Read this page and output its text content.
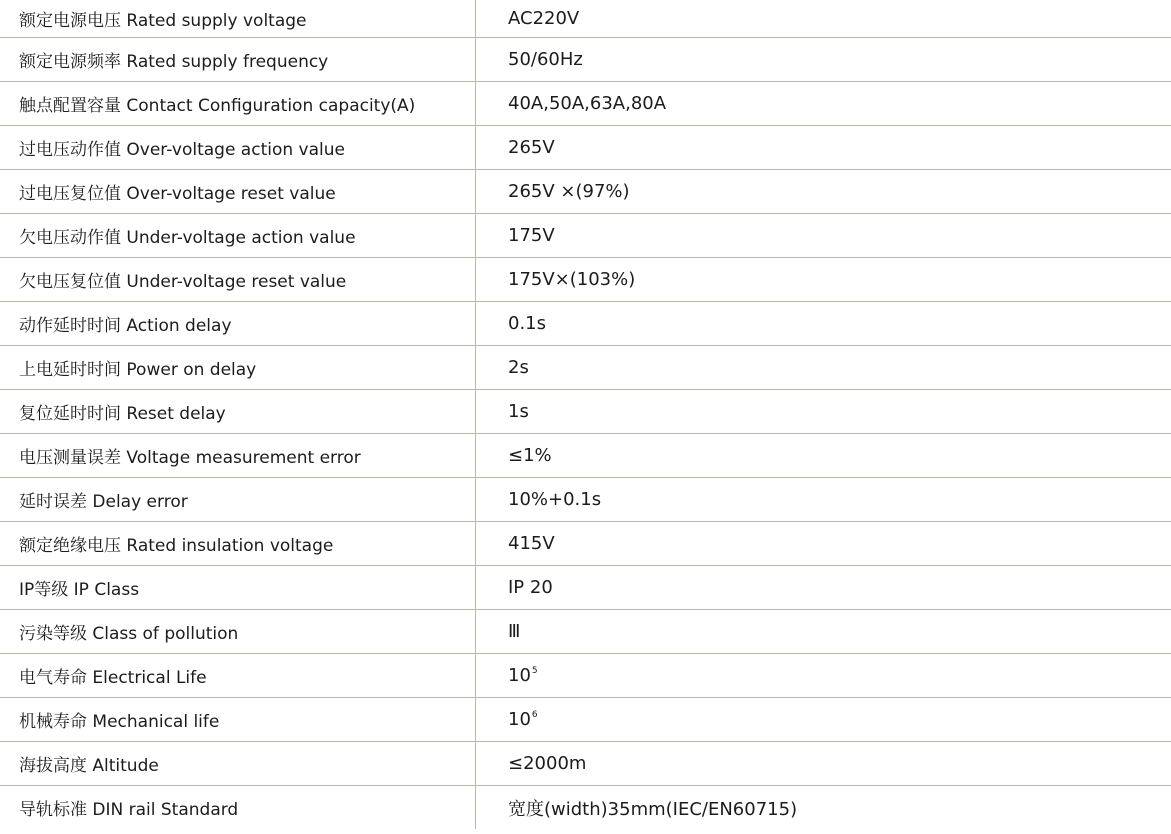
额定电源电压 Rated supply voltage	AC220V
额定电源频率 Rated supply frequency	50/60Hz
触点配置容量 Contact Configuration capacity(A)	40A,50A,63A,80A
过电压动作值 Over-voltage action value	265V
过电压复位值 Over-voltage reset value	265V ×(97%)
欠电压动作值 Under-voltage action value	175V
欠电压复位值 Under-voltage reset value	175V×(103%)
动作延时时间 Action delay	0.1s
上电延时时间 Power on delay	2s
复位延时时间 Reset delay	1s
电压测量误差 Voltage measurement error	≤1%
延时误差 Delay error	10%+0.1s
额定绝缘电压 Rated insulation voltage	415V
IP等级 IP Class	IP 20
污染等级 Class of pollution	Ⅲ
电气寿命 Electrical Life	$10^5$
机械寿命 Mechanical life	$10^6$
海拔高度 Altitude	≤2000m
导轨标准 DIN rail Standard	宽度(width)35mm(IEC/EN60715)
